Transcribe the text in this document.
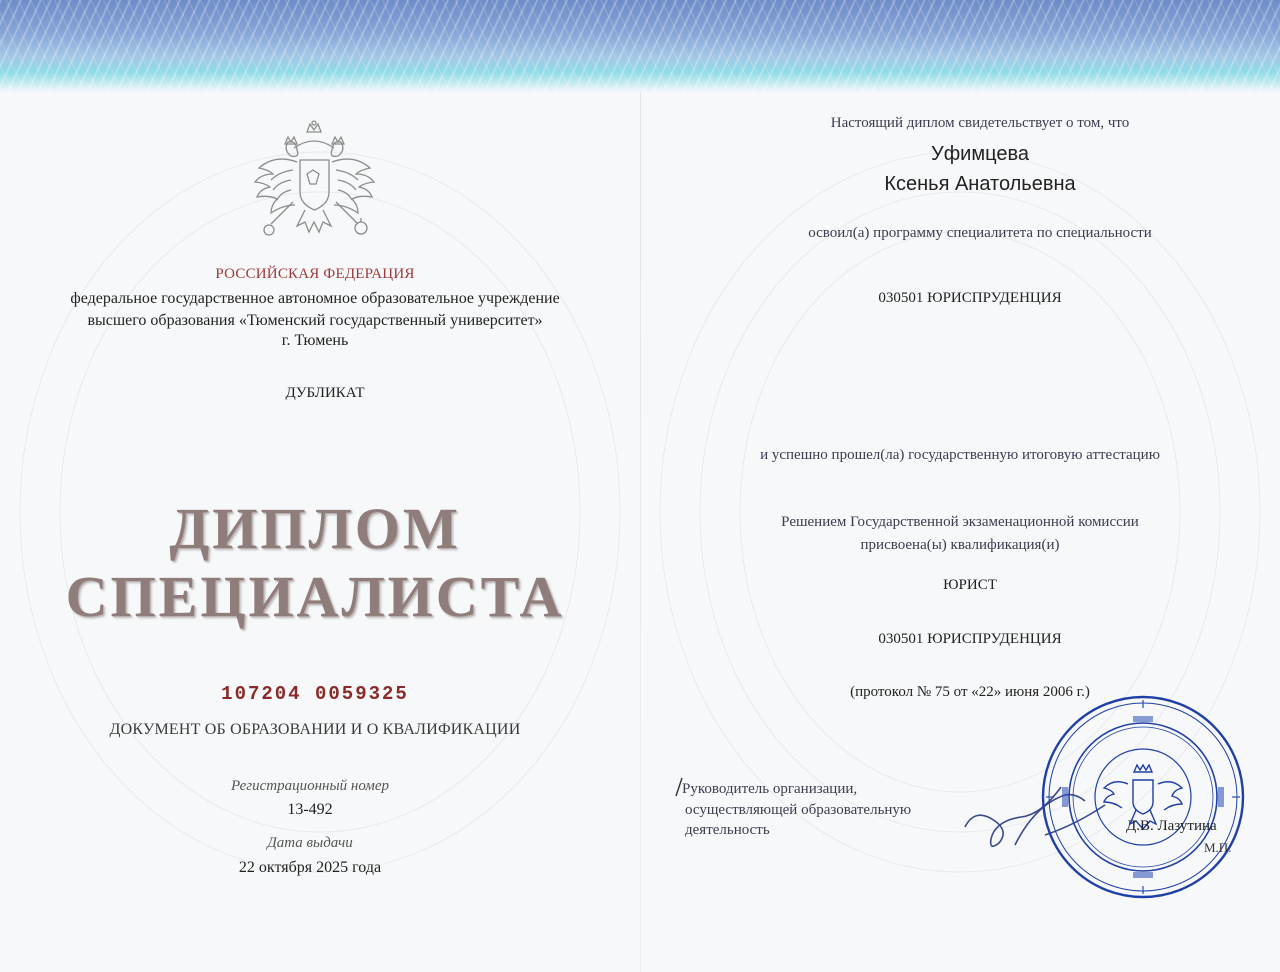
РОССИЙСКАЯ ФЕДЕРАЦИЯ
федеральное государственное автономное образовательное учреждение
высшего образования «Тюменский государственный университет»
г. Тюмень
ДУБЛИКАТ

ДИПЛОМ
СПЕЦИАЛИСТА
107204 0059325
ДОКУМЕНТ ОБ ОБРАЗОВАНИИ И О КВАЛИФИКАЦИИ
Регистрационный номер
13-492
Дата выдачи
22 октября 2025 года
Настоящий диплом свидетельствует о том, что
Уфимцева
Ксенья Анатольевна
освоил(а) программу специалитета по специальности
030501 ЮРИСПРУДЕНЦИЯ
и успешно прошел(ла) государственную итоговую аттестацию
Решением Государственной экзаменационной комиссии
присвоена(ы) квалификация(и)
ЮРИСТ
030501 ЮРИСПРУДЕНЦИЯ
(протокол № 75 от «22» июня 2006 г.)
Руководитель организации,
осуществляющей образовательную
деятельность	Д.В. Лазутина
М.П.
